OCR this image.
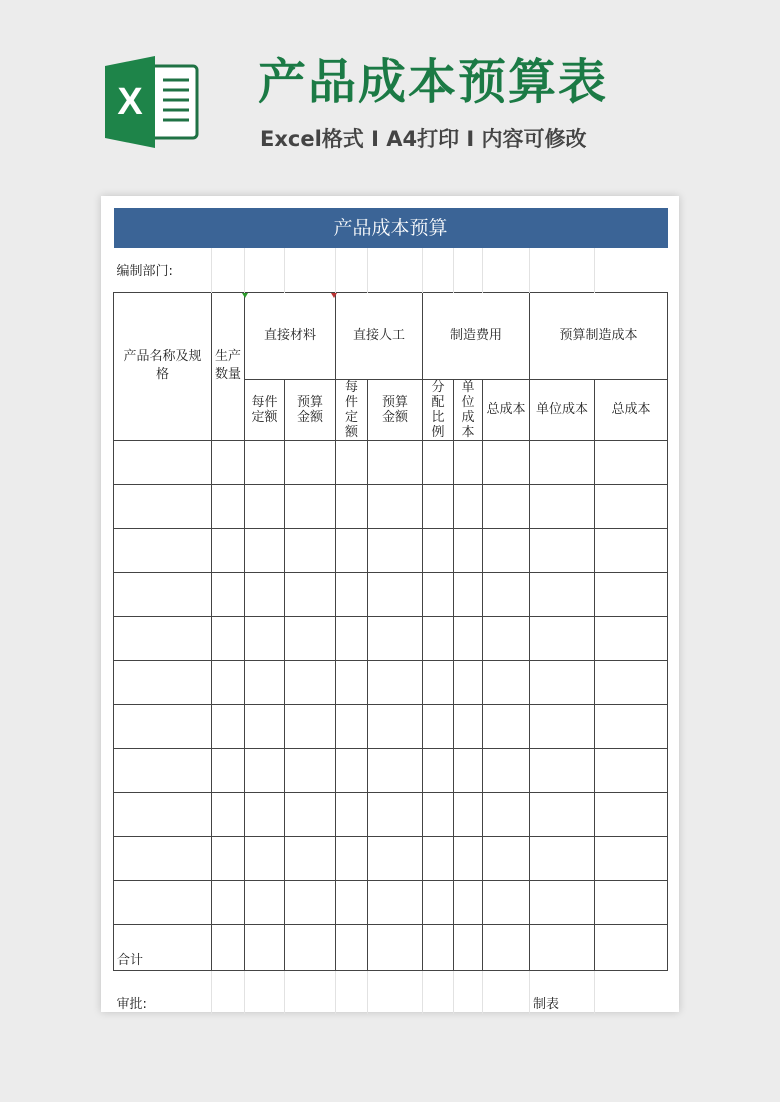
X 产品成本预算表
Excel格式 I A4打印 I 内容可修改
产品成本预算										
编制部门:										
产品名称及规格	生产数量	直接材料		直接人工		制造费用			预算制造成本	
		每件定额	预算金额	每件定额	预算金额	分配比例	单位成本	总成本	单位成本	总成本

合计										
审批:									制表	
